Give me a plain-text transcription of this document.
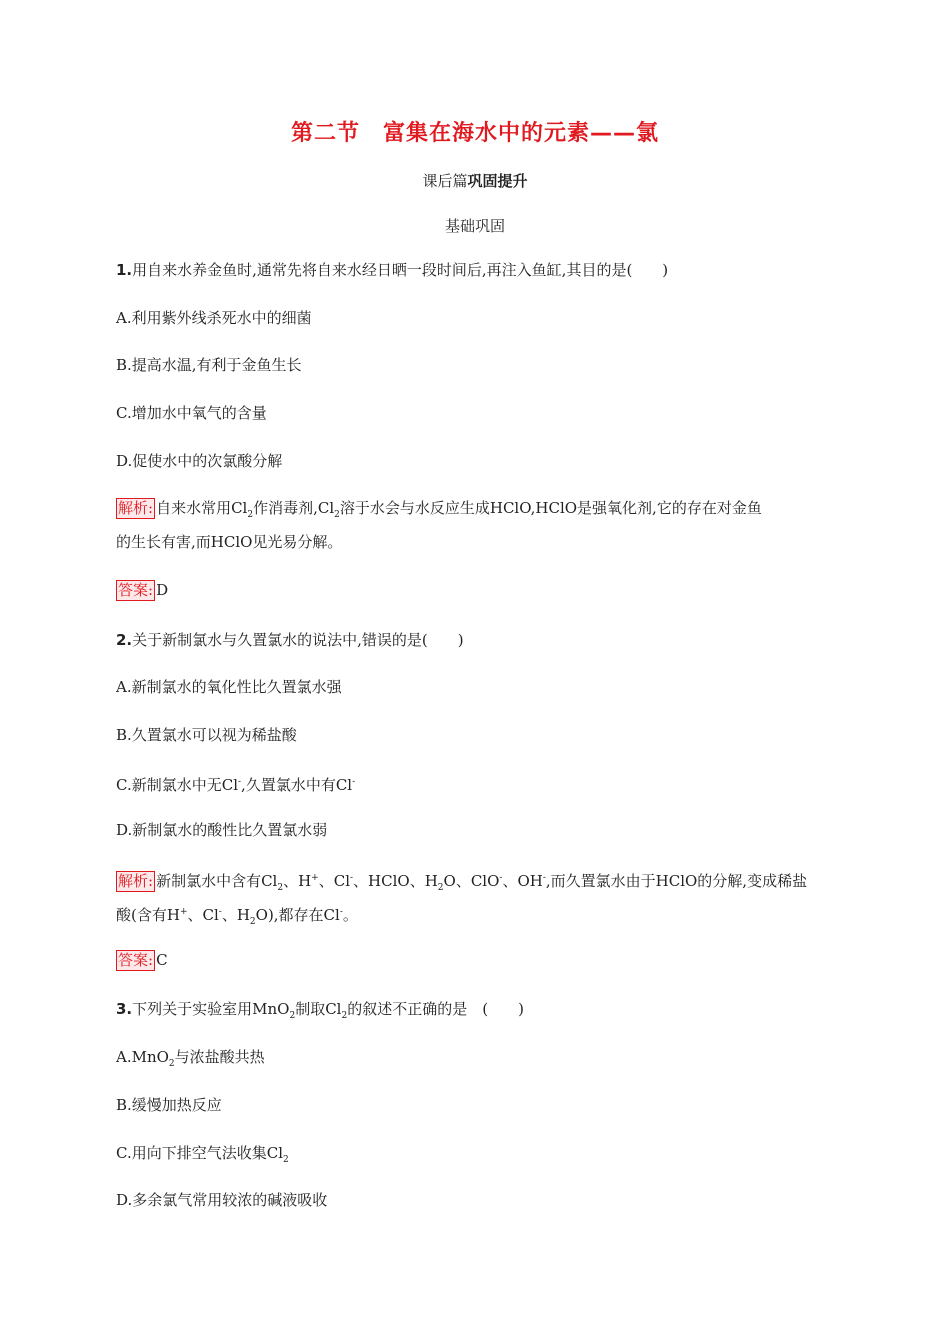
第二节　富集在海水中的元素——氯
课后篇巩固提升
基础巩固
1.用自来水养金鱼时,通常先将自来水经日晒一段时间后,再注入鱼缸,其目的是(　　)
A.利用紫外线杀死水中的细菌
B.提高水温,有利于金鱼生长
C.增加水中氧气的含量
D.促使水中的次氯酸分解
解析: 自来水常用$Cl_2$作消毒剂$,Cl_2$溶于水会与水反应生成HClO,HClO是强氧化剂,它的存在对金鱼
的生长有害,而HClO见光易分解。
答案: D
2.关于新制氯水与久置氯水的说法中,错误的是(　　)
A.新制氯水的氧化性比久置氯水强
B.久置氯水可以视为稀盐酸
C.新制氯水中无Cl-,久置氯水中有Cl-
D.新制氯水的酸性比久置氯水弱
解析: 新制氯水中含有$Cl_2$、H+、Cl-、HClO、$H_2O$、ClO-、OH-,而久置氯水由于HClO的分解,变成稀盐
酸(含有H+、Cl-、$H_2O$),都存在Cl-。
答案: C
3.下列关于实验室用MnO$_2$制取$Cl_2$的叙述不正确的是　(　　)
A.MnO$_2$与浓盐酸共热
B.缓慢加热反应
C.用向下排空气法收集$Cl_2$
D.多余氯气常用较浓的碱液吸收
